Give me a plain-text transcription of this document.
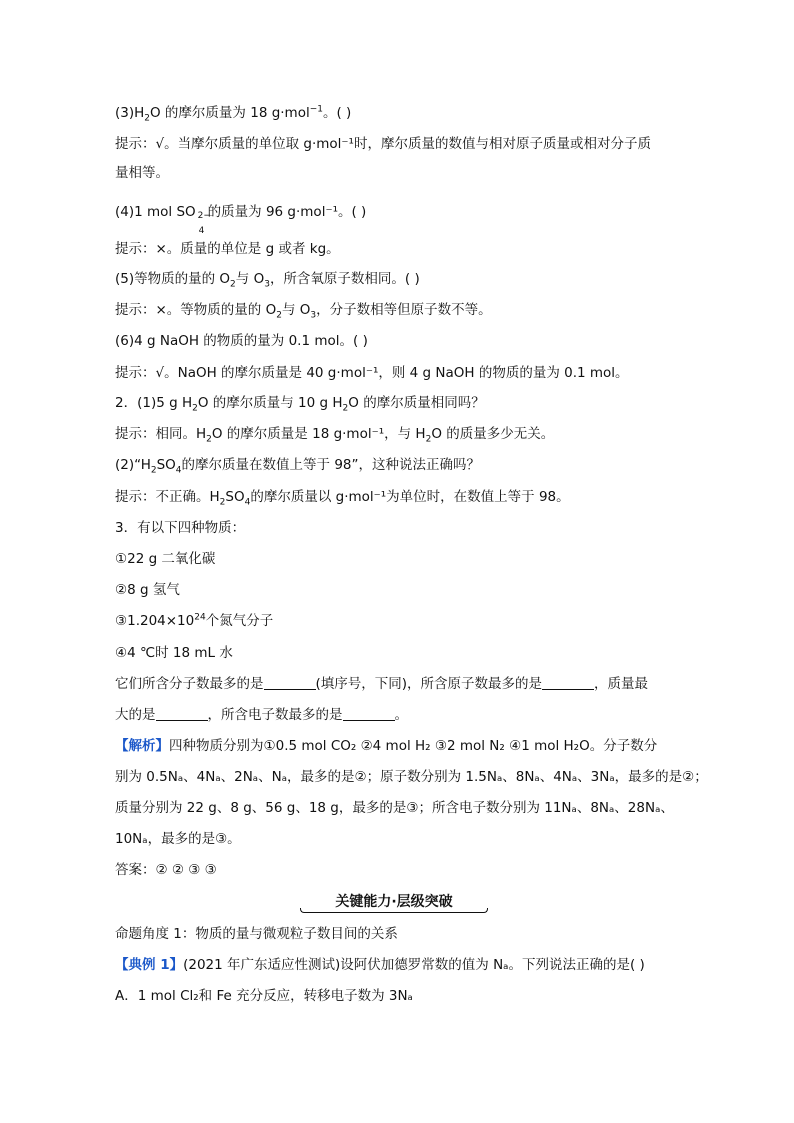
$(3)H_2O$ 的摩尔质量为 18 g·mol$^{-1}$。( )
提示：√。当摩尔质量的单位取 g·mol⁻¹时，摩尔质量的数值与相对原子质量或相对分子质
量相等。
(4)1 mol SO 2−
4
的质量为 96 g·mol⁻¹。( )
提示：×。质量的单位是 g 或者 kg。
(5)等物质的量的 $O_2$与 $O_3$，所含氧原子数相同。( )
提示：×。等物质的量的 $O_2$与 $O_3$，分子数相等但原子数不等。
(6)4 g NaOH 的物质的量为 0.1 mol。( )
提示：√。NaOH 的摩尔质量是 40 g·mol⁻¹，则 4 g NaOH 的物质的量为 0.1 mol。
2．(1)5 g $H_2O$ 的摩尔质量与 10 g $H_2O$ 的摩尔质量相同吗？
提示：相同。$H_2O$ 的摩尔质量是 18 g·mol⁻¹，与 $H_2O$ 的质量多少无关。
$(2)“H_2SO_4$的摩尔质量在数值上等于 98”，这种说法正确吗？
提示：不正确。$H_2SO_4$的摩尔质量以 g·mol⁻¹为单位时，在数值上等于 98。
3．有以下四种物质：
①22 g 二氧化碳
②8 g 氢气
$③1.204\times 10^{24}$个氮气分子
④4 ℃时 18 mL 水
它们所含分子数最多的是	(填序号，下同)，所含原子数最多的是	，质量最
大的是	，所含电子数最多的是	。
【解析】四种物质分别为①0.5 mol CO₂ ②4 mol H₂ ③2 mol N₂ ④1 mol H₂O。分子数分
别为 0.5Nₐ、4Nₐ、2Nₐ、Nₐ，最多的是②；原子数分别为 1.5Nₐ、8Nₐ、4Nₐ、3Nₐ，最多的是②；
质量分别为 22 g、8 g、56 g、18 g，最多的是③；所含电子数分别为 11Nₐ、8Nₐ、28Nₐ、
10Nₐ，最多的是③。
答案：② ② ③ ③
关键能力·层级突破
命题角度 1：物质的量与微观粒子数目间的关系
【典例 1】(2021 年广东适应性测试)设阿伏加德罗常数的值为 Nₐ。下列说法正确的是( )
A．1 mol Cl₂和 Fe 充分反应，转移电子数为 3Nₐ
